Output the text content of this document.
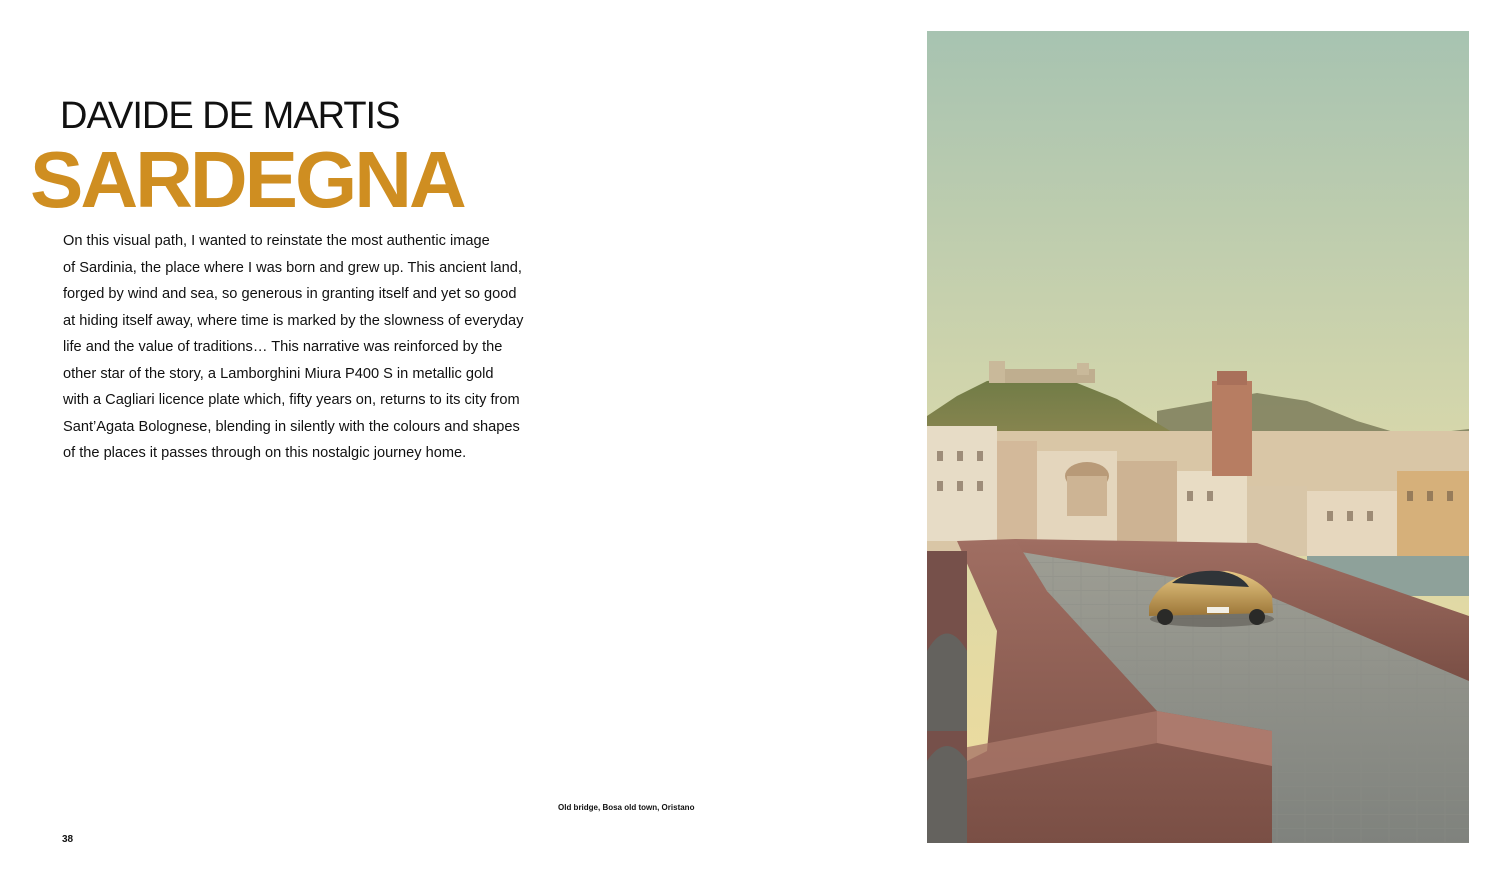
DAVIDE DE MARTIS
SARDEGNA

On this visual path, I wanted to reinstate the most authentic image
of Sardinia, the place where I was born and grew up. This ancient land,
forged by wind and sea, so generous in granting itself and yet so good
at hiding itself away, where time is marked by the slowness of everyday
life and the value of traditions… This narrative was reinforced by the
other star of the story, a Lamborghini Miura P400 S in metallic gold
with a Cagliari licence plate which, fifty years on, returns to its city from
Sant’Agata Bolognese, blending in silently with the colours and shapes
of the places it passes through on this nostalgic journey home.

Old bridge, Bosa old town, Oristano
38
